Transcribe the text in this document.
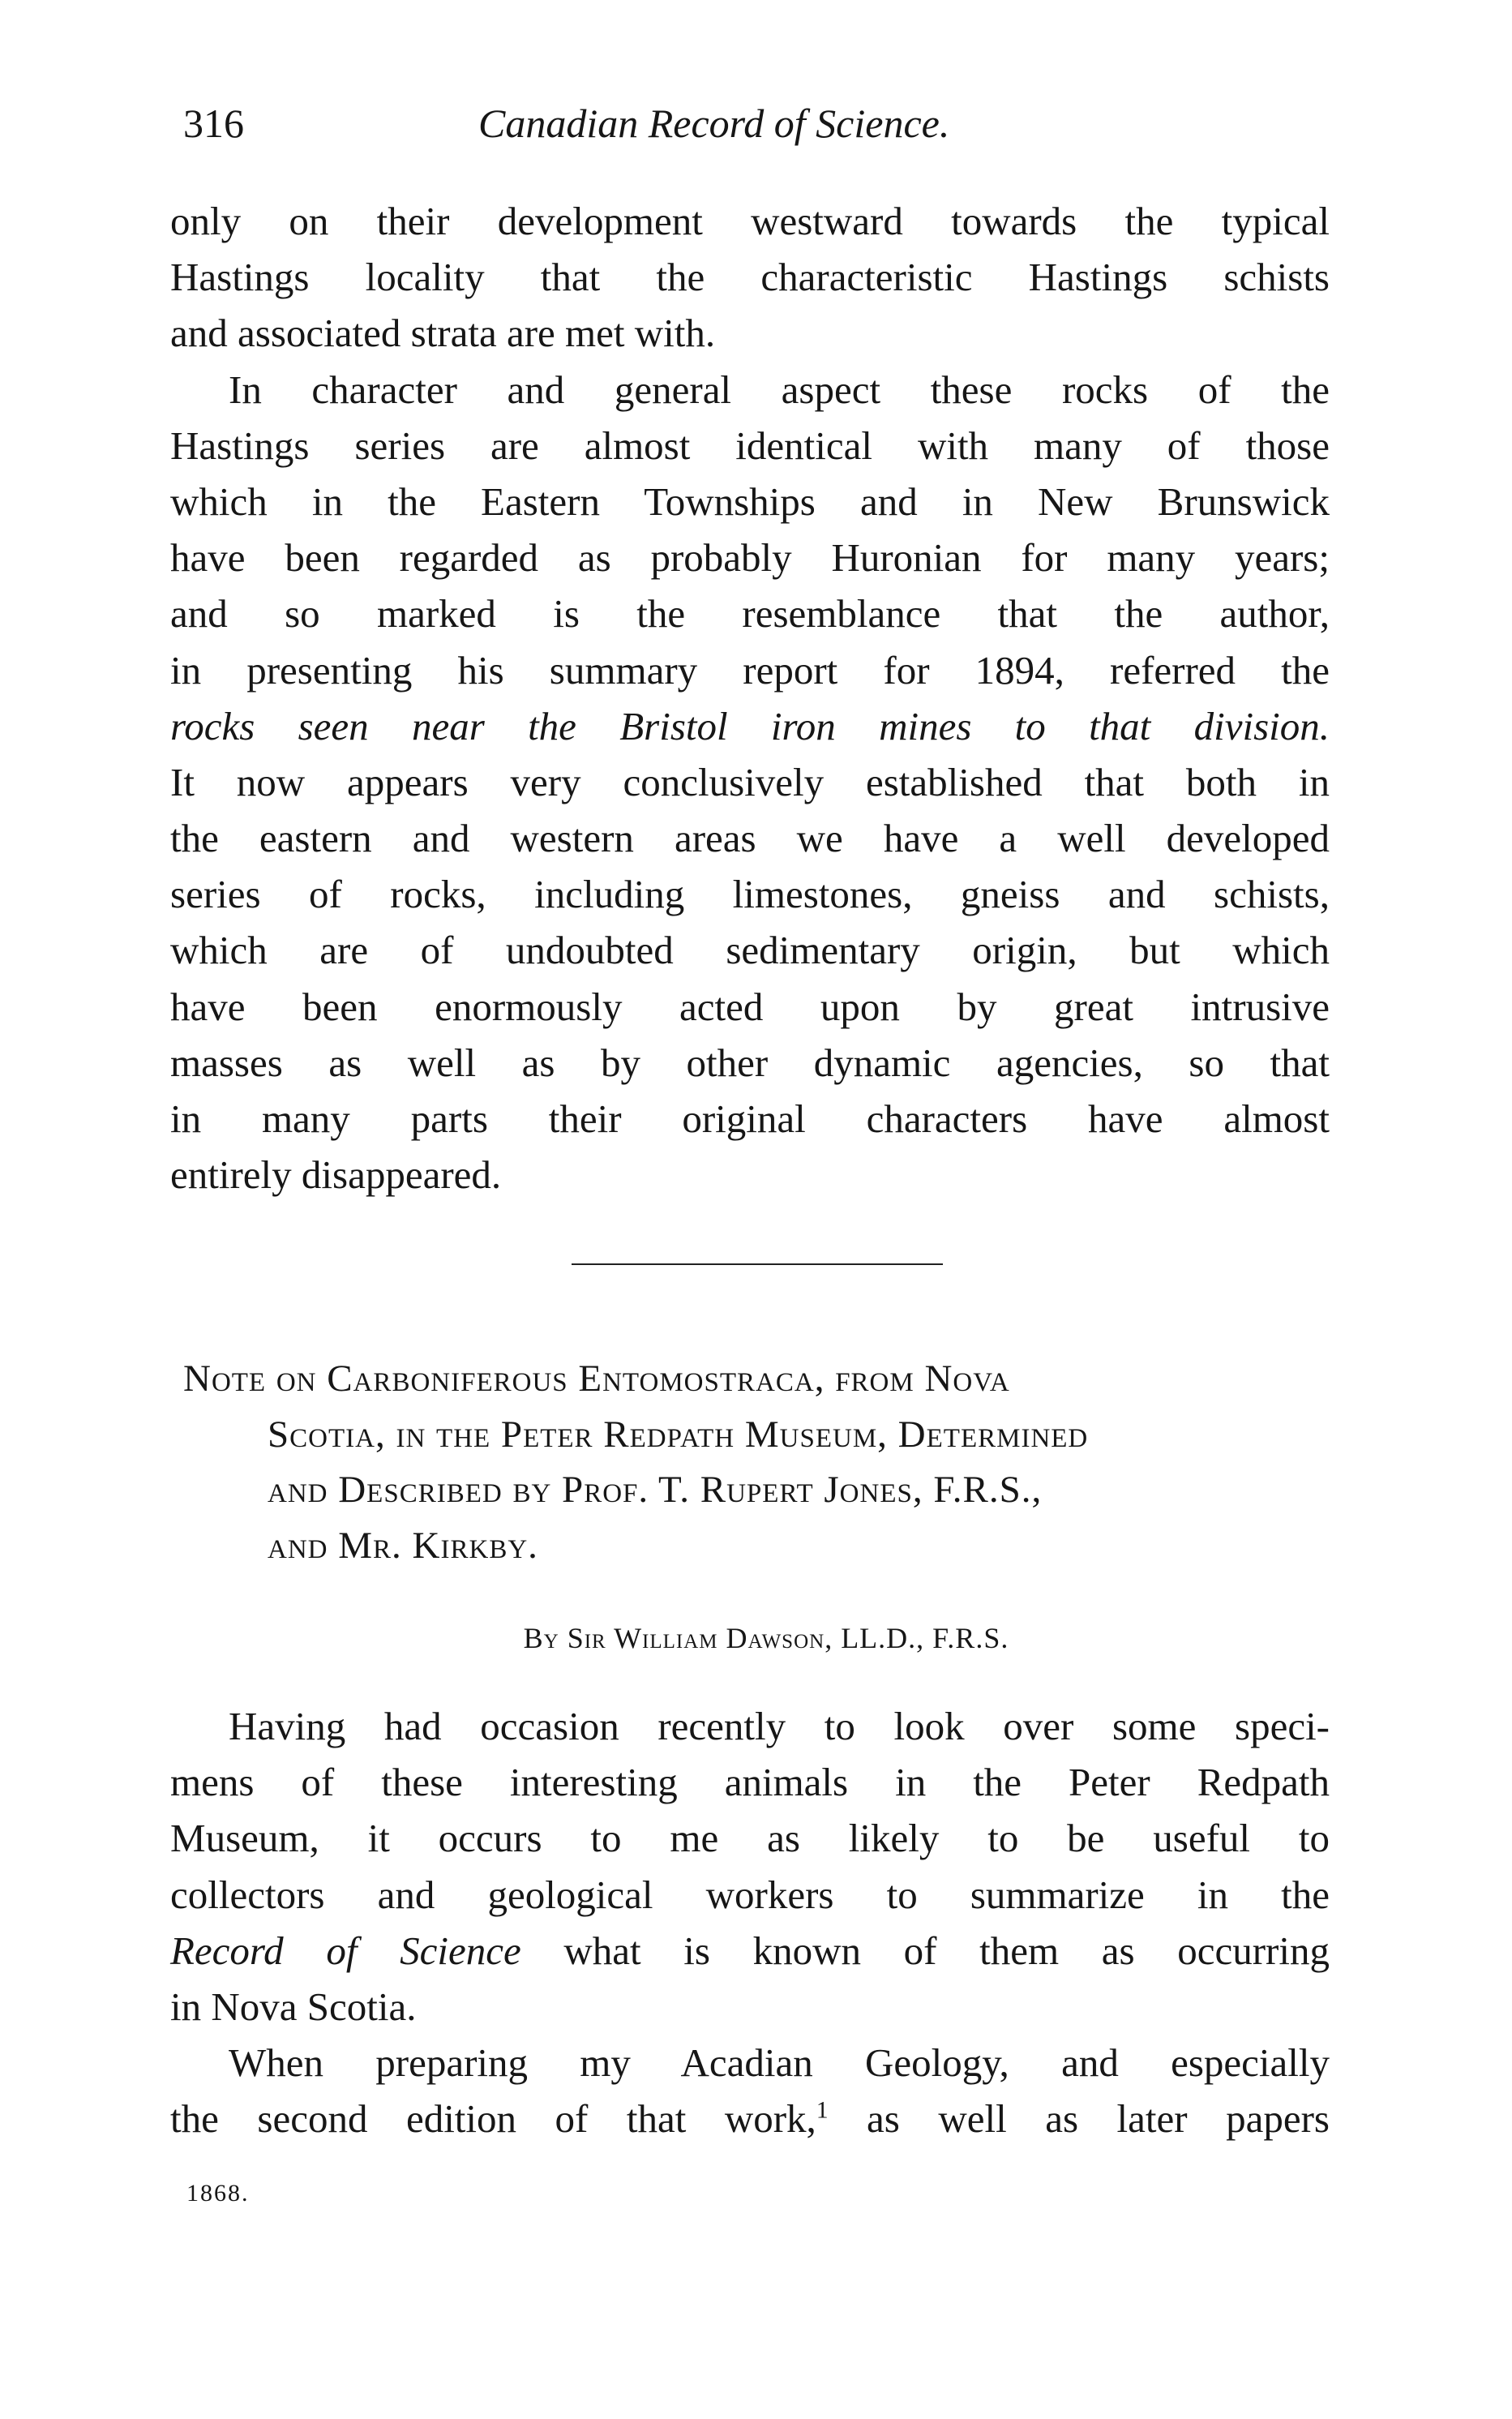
316	Canadian Record of Science.
only on their development westward towards the typical
Hastings locality that the characteristic Hastings schists
and associated strata are met with.
In character and general aspect these rocks of the
Hastings series are almost identical with many of those
which in the Eastern Townships and in New Brunswick
have been regarded as probably Huronian for many years;
and so marked is the resemblance that the author,
in presenting his summary report for 1894, referred the
rocks seen near the Bristol iron mines to that division.
It now appears very conclusively established that both in
the eastern and western areas we have a well developed
series of rocks, including limestones, gneiss and schists,
which are of undoubted sedimentary origin, but which
have been enormously acted upon by great intrusive
masses as well as by other dynamic agencies, so that
in many parts their original characters have almost
entirely disappeared.
Note on Carboniferous Entomostraca, from Nova
Scotia, in the Peter Redpath Museum, Determined
and Described by Prof. T. Rupert Jones, F.R.S.,
and Mr. Kirkby.
By Sir William Dawson, LL.D., F.R.S.
Having had occasion recently to look over some speci-
mens of these interesting animals in the Peter Redpath
Museum, it occurs to me as likely to be useful to
collectors and geological workers to summarize in the
Record of Science what is known of them as occurring
in Nova Scotia.
When preparing my Acadian Geology, and especially
the second edition of that work,$^1$ as well as later papers
1868.
